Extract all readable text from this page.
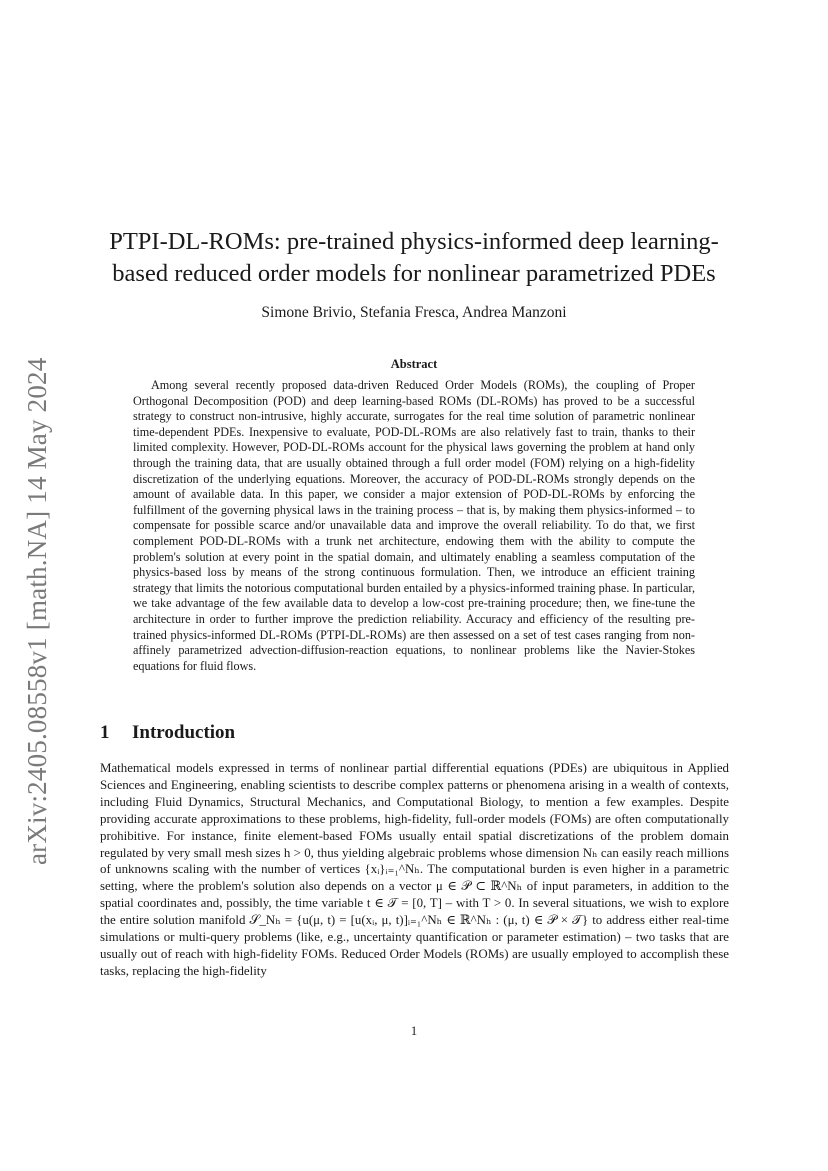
arXiv:2405.08558v1 [math.NA] 14 May 2024
PTPI-DL-ROMs: pre-trained physics-informed deep learning-based reduced order models for nonlinear parametrized PDEs
Simone Brivio, Stefania Fresca, Andrea Manzoni
Abstract

Among several recently proposed data-driven Reduced Order Models (ROMs), the coupling of Proper Orthogonal Decomposition (POD) and deep learning-based ROMs (DL-ROMs) has proved to be a successful strategy to construct non-intrusive, highly accurate, surrogates for the real time solution of parametric nonlinear time-dependent PDEs. Inexpensive to evaluate, POD-DL-ROMs are also relatively fast to train, thanks to their limited complexity. However, POD-DL-ROMs account for the physical laws governing the problem at hand only through the training data, that are usually obtained through a full order model (FOM) relying on a high-fidelity discretization of the underlying equations. Moreover, the accuracy of POD-DL-ROMs strongly depends on the amount of available data. In this paper, we consider a major extension of POD-DL-ROMs by enforcing the fulfillment of the governing physical laws in the training process – that is, by making them physics-informed – to compensate for possible scarce and/or unavailable data and improve the overall reliability. To do that, we first complement POD-DL-ROMs with a trunk net architecture, endowing them with the ability to compute the problem's solution at every point in the spatial domain, and ultimately enabling a seamless computation of the physics-based loss by means of the strong continuous formulation. Then, we introduce an efficient training strategy that limits the notorious computational burden entailed by a physics-informed training phase. In particular, we take advantage of the few available data to develop a low-cost pre-training procedure; then, we fine-tune the architecture in order to further improve the prediction reliability. Accuracy and efficiency of the resulting pre-trained physics-informed DL-ROMs (PTPI-DL-ROMs) are then assessed on a set of test cases ranging from non-affinely parametrized advection-diffusion-reaction equations, to nonlinear problems like the Navier-Stokes equations for fluid flows.

1 Introduction

Mathematical models expressed in terms of nonlinear partial differential equations (PDEs) are ubiquitous in Applied Sciences and Engineering, enabling scientists to describe complex patterns or phenomena arising in a wealth of contexts, including Fluid Dynamics, Structural Mechanics, and Computational Biology, to mention a few examples. Despite providing accurate approximations to these problems, high-fidelity, full-order models (FOMs) are often computationally prohibitive. For instance, finite element-based FOMs usually entail spatial discretizations of the problem domain regulated by very small mesh sizes h > 0, thus yielding algebraic problems whose dimension Nₕ can easily reach millions of unknowns scaling with the number of vertices {xᵢ}ᵢ₌₁^Nₕ. The computational burden is even higher in a parametric setting, where the problem's solution also depends on a vector μ ∈ 𝒫 ⊂ ℝ^Nₕ of input parameters, in addition to the spatial coordinates and, possibly, the time variable t ∈ 𝒯 = [0, T] – with T > 0. In several situations, we wish to explore the entire solution manifold 𝒮_Nₕ = {u(μ, t) = [u(xᵢ, μ, t)]ᵢ₌₁^Nₕ ∈ ℝ^Nₕ : (μ, t) ∈ 𝒫 × 𝒯} to address either real-time simulations or multi-query problems (like, e.g., uncertainty quantification or parameter estimation) – two tasks that are usually out of reach with high-fidelity FOMs. Reduced Order Models (ROMs) are usually employed to accomplish these tasks, replacing the high-fidelity

1
